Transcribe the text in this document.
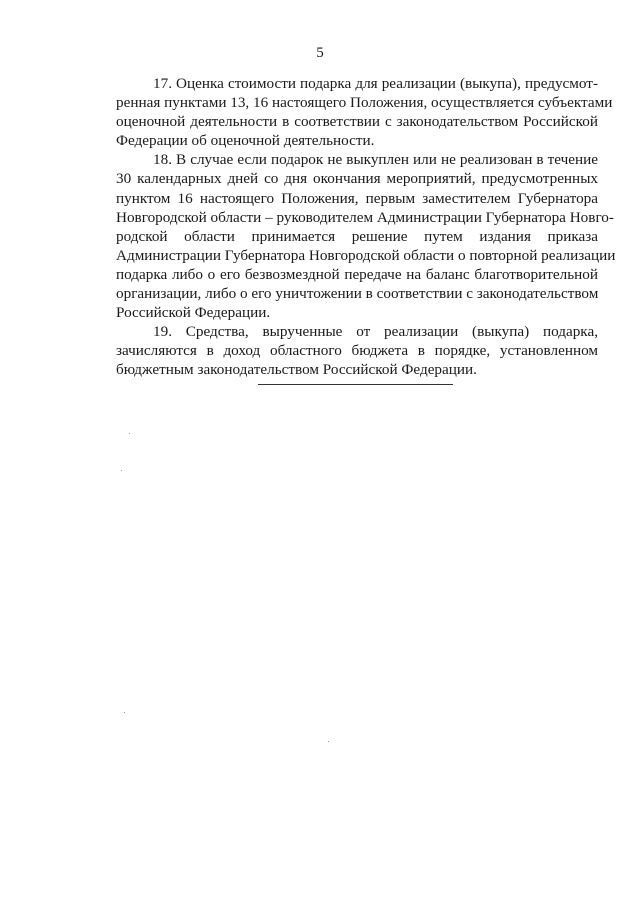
5

17. Оценка стоимости подарка для реализации (выкупа), предусмот-
ренная пунктами 13, 16 настоящего Положения, осуществляется субъектами
оценочной деятельности в соответствии с законодательством Российской
Федерации об оценочной деятельности.

18. В случае если подарок не выкуплен или не реализован в течение
30 календарных дней со дня окончания мероприятий, предусмотренных
пунктом 16 настоящего Положения, первым заместителем Губернатора
Новгородской области – руководителем Администрации Губернатора Новго-
родской области принимается решение путем издания приказа
Администрации Губернатора Новгородской области о повторной реализации
подарка либо о его безвозмездной передаче на баланс благотворительной
организации, либо о его уничтожении в соответствии с законодательством
Российской Федерации.

19. Средства, вырученные от реализации (выкупа) подарка,
зачисляются в доход областного бюджета в порядке, установленном
бюджетным законодательством Российской Федерации.
